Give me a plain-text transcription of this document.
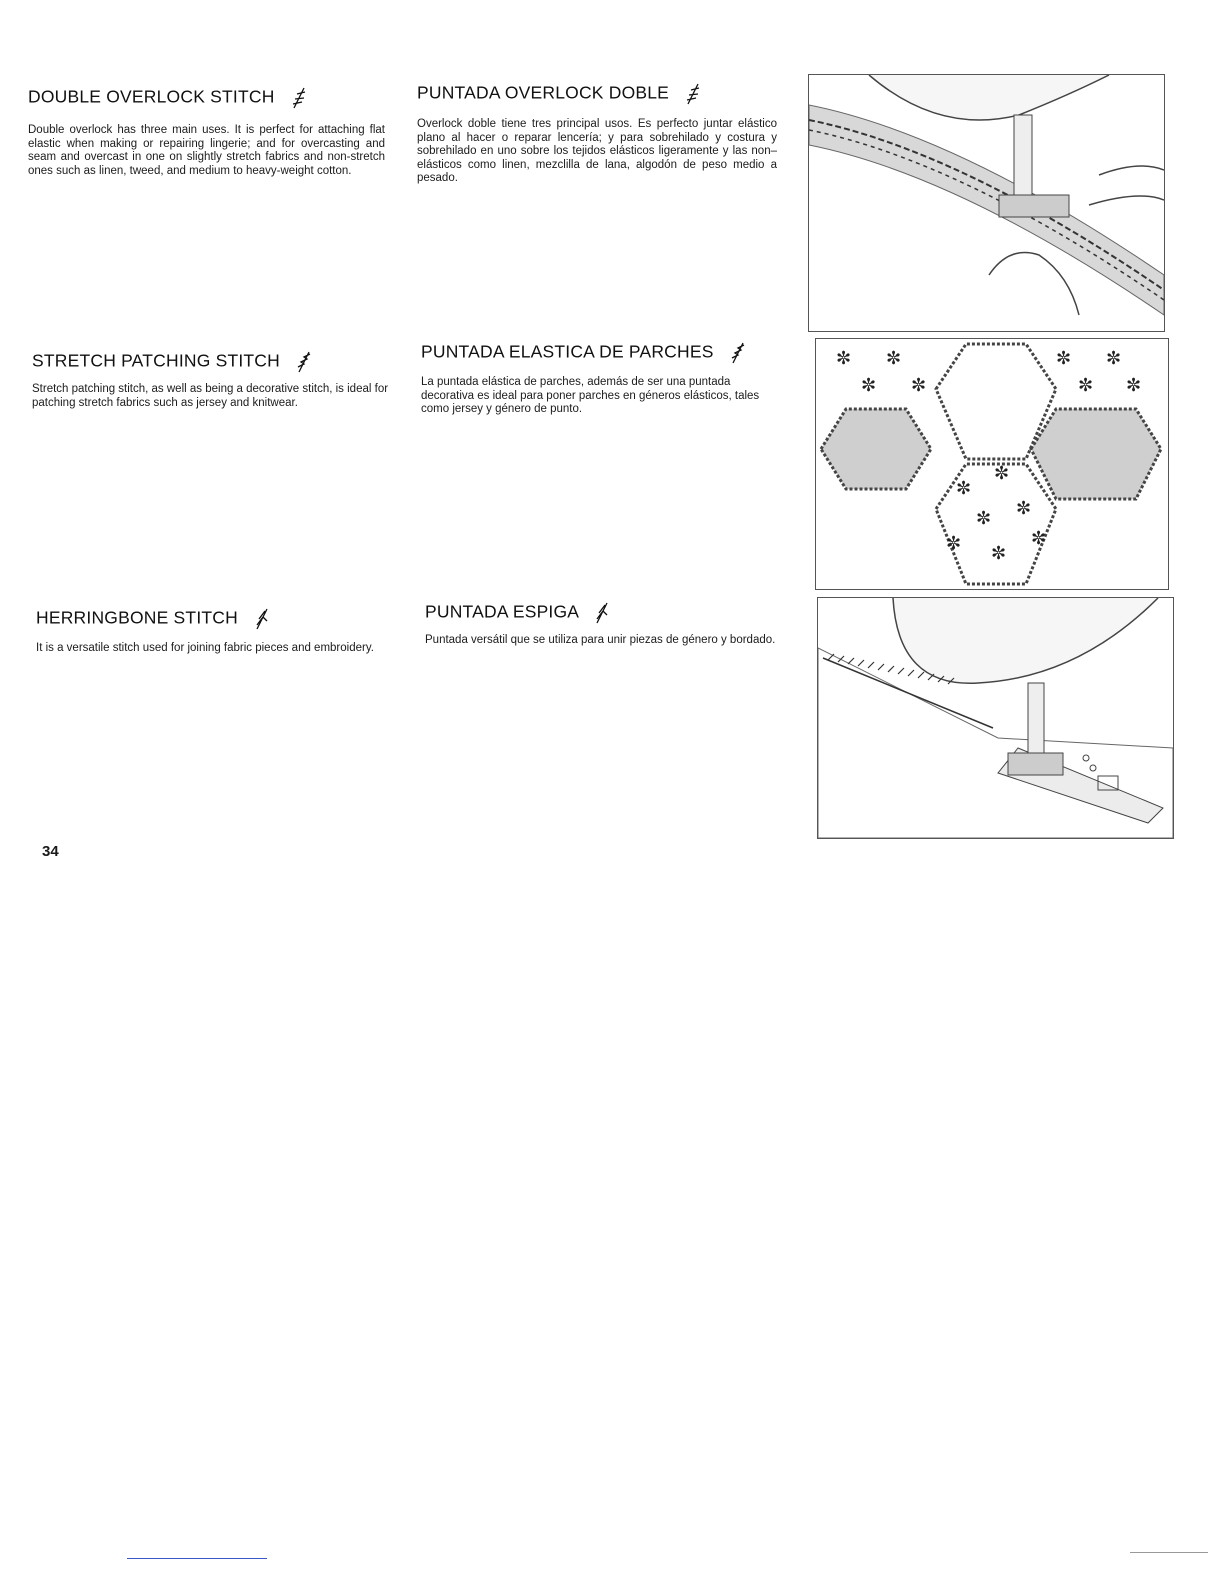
DOUBLE OVERLOCK STITCH
Double overlock has three main uses. It is perfect for attaching flat elastic when making or repairing lingerie; and for overcasting and seam and overcast in one on slightly stretch fabrics and non-stretch ones such as linen, tweed, and medium to heavy-weight cotton.
PUNTADA OVERLOCK DOBLE
Overlock doble tiene tres principal usos. Es perfecto juntar elástico plano al hacer o reparar lencería; y para sobrehilado y costura y sobrehilado en uno sobre los tejidos elásticos ligeramente y las non–elásticos como linen, mezclilla de lana, algodón de peso medio a pesado.
STRETCH PATCHING STITCH
Stretch patching stitch, as well as being a decorative stitch, is ideal for patching stretch fabrics such as jersey and knitwear.
PUNTADA ELASTICA DE PARCHES
La puntada elástica de parches, además de ser una puntada decorativa es ideal para poner parches en géneros elásticos, tales como jersey y género de punto.
✼ ✼
✼ ✼
✼ ✼
✼ ✼
✼
✼
✼ ✼
✼ ✼
✼
HERRINGBONE STITCH
It is a versatile stitch used for joining fabric pieces and embroidery.
PUNTADA ESPIGA
Puntada versátil que se utiliza para unir piezas de género y bordado.
34
